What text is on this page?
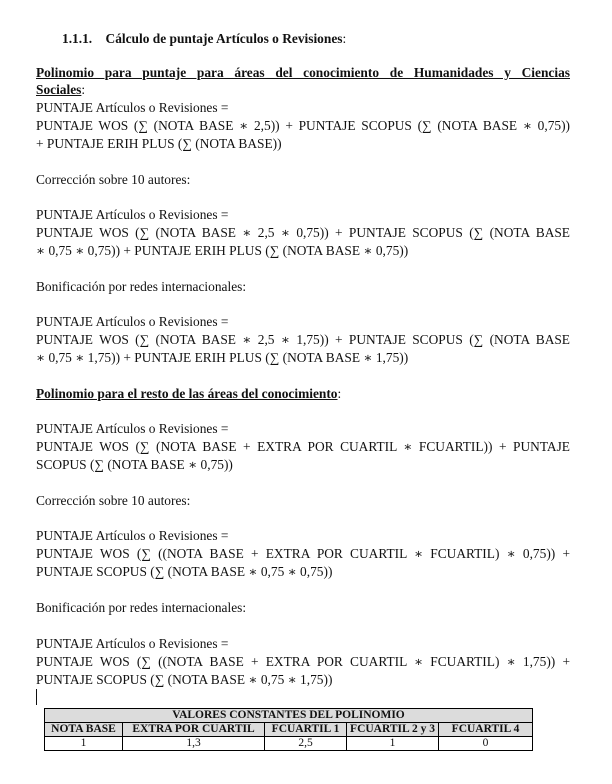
1.1.1. Cálculo de puntaje Artículos o Revisiones:
Polinomio para puntaje para áreas del conocimiento de Humanidades y Ciencias
Sociales:
PUNTAJE Artículos o Revisiones =
PUNTAJE WOS (∑ (NOTA BASE ∗ 2,5)) + PUNTAJE SCOPUS (∑ (NOTA BASE ∗ 0,75))
+ PUNTAJE ERIH PLUS (∑ (NOTA BASE))
Corrección sobre 10 autores:
PUNTAJE Artículos o Revisiones =
PUNTAJE WOS (∑ (NOTA BASE ∗ 2,5 ∗ 0,75)) + PUNTAJE SCOPUS (∑ (NOTA BASE
∗ 0,75 ∗ 0,75)) + PUNTAJE ERIH PLUS (∑ (NOTA BASE ∗ 0,75))
Bonificación por redes internacionales:
PUNTAJE Artículos o Revisiones =
PUNTAJE WOS (∑ (NOTA BASE ∗ 2,5 ∗ 1,75)) + PUNTAJE SCOPUS (∑ (NOTA BASE
∗ 0,75 ∗ 1,75)) + PUNTAJE ERIH PLUS (∑ (NOTA BASE ∗ 1,75))
Polinomio para el resto de las áreas del conocimiento:
PUNTAJE Artículos o Revisiones =
PUNTAJE WOS (∑ (NOTA BASE + EXTRA POR CUARTIL ∗ FCUARTIL)) + PUNTAJE
SCOPUS (∑ (NOTA BASE ∗ 0,75))
Corrección sobre 10 autores:
PUNTAJE Artículos o Revisiones =
PUNTAJE WOS (∑ ((NOTA BASE + EXTRA POR CUARTIL ∗ FCUARTIL) ∗ 0,75)) +
PUNTAJE SCOPUS (∑ (NOTA BASE ∗ 0,75 ∗ 0,75))
Bonificación por redes internacionales:
PUNTAJE Artículos o Revisiones =
PUNTAJE WOS (∑ ((NOTA BASE + EXTRA POR CUARTIL ∗ FCUARTIL) ∗ 1,75)) +
PUNTAJE SCOPUS (∑ (NOTA BASE ∗ 0,75 ∗ 1,75))
VALORES CONSTANTES DEL POLINOMIO				
NOTA BASE	EXTRA POR CUARTIL	FCUARTIL 1	FCUARTIL 2 y 3	FCUARTIL 4
1	1,3	2,5	1	0
